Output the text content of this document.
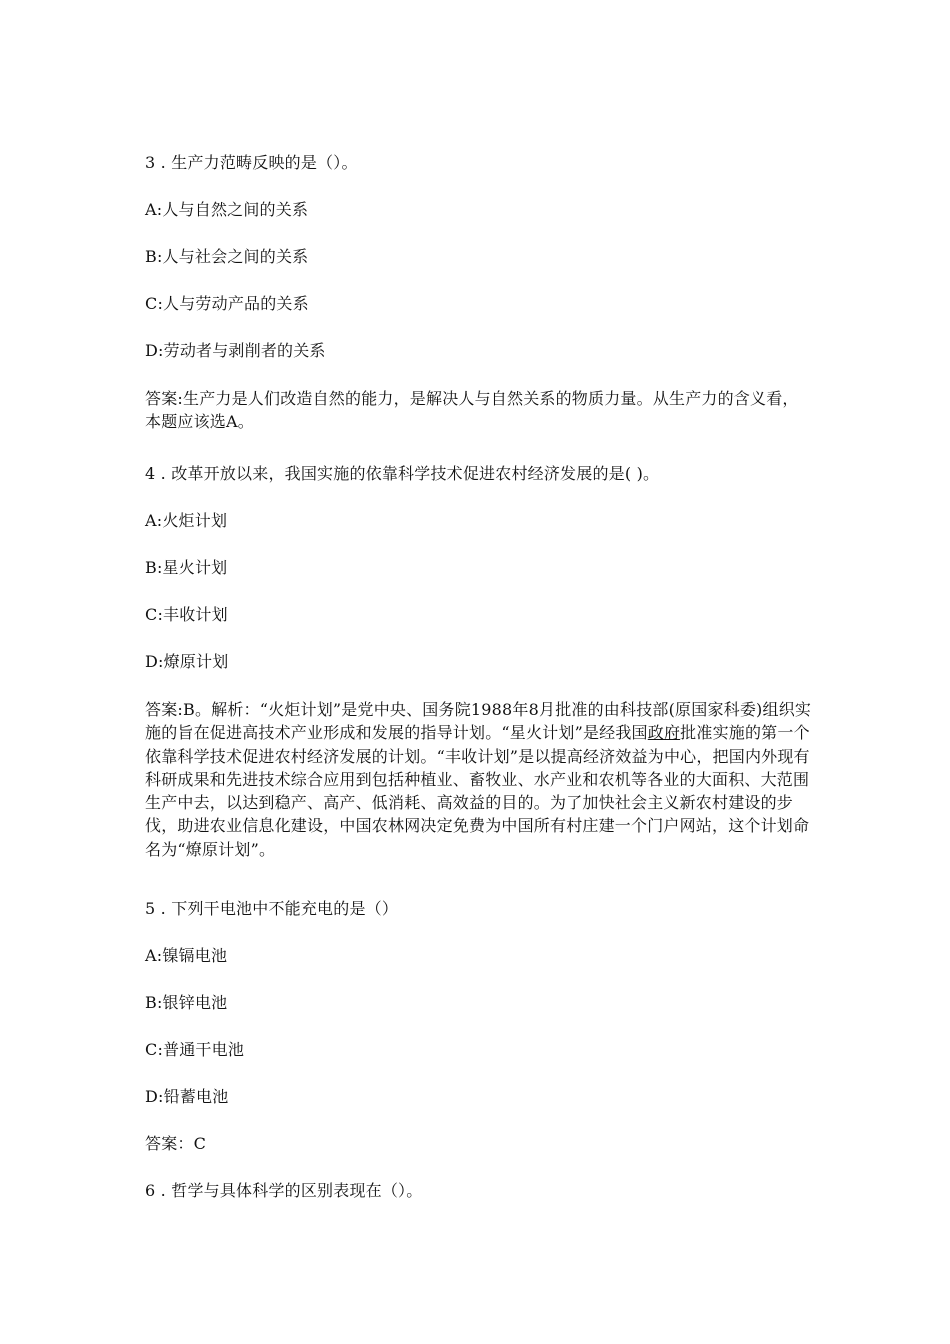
3 . 生产力范畴反映的是（）。
A:人与自然之间的关系
B:人与社会之间的关系
C:人与劳动产品的关系
D:劳动者与剥削者的关系
答案:生产力是人们改造自然的能力，是解决人与自然关系的物质力量。从生产力的含义看，本题应该选A。
4 . 改革开放以来，我国实施的依靠科学技术促进农村经济发展的是( )。
A:火炬计划
B:星火计划
C:丰收计划
D:燎原计划
答案:B。解析：“火炬计划”是党中央、国务院1988年8月批准的由科技部(原国家科委)组织实施的旨在促进高技术产业形成和发展的指导计划。“星火计划”是经我国政府批准实施的第一个依靠科学技术促进农村经济发展的计划。“丰收计划”是以提高经济效益为中心，把国内外现有科研成果和先进技术综合应用到包括种植业、畜牧业、水产业和农机等各业的大面积、大范围生产中去，以达到稳产、高产、低消耗、高效益的目的。为了加快社会主义新农村建设的步伐，助进农业信息化建设，中国农林网决定免费为中国所有村庄建一个门户网站，这个计划命名为“燎原计划”。
5 . 下列干电池中不能充电的是（）
A:镍镉电池
B:银锌电池
C:普通干电池
D:铅蓄电池
答案：C
6 . 哲学与具体科学的区别表现在（）。
